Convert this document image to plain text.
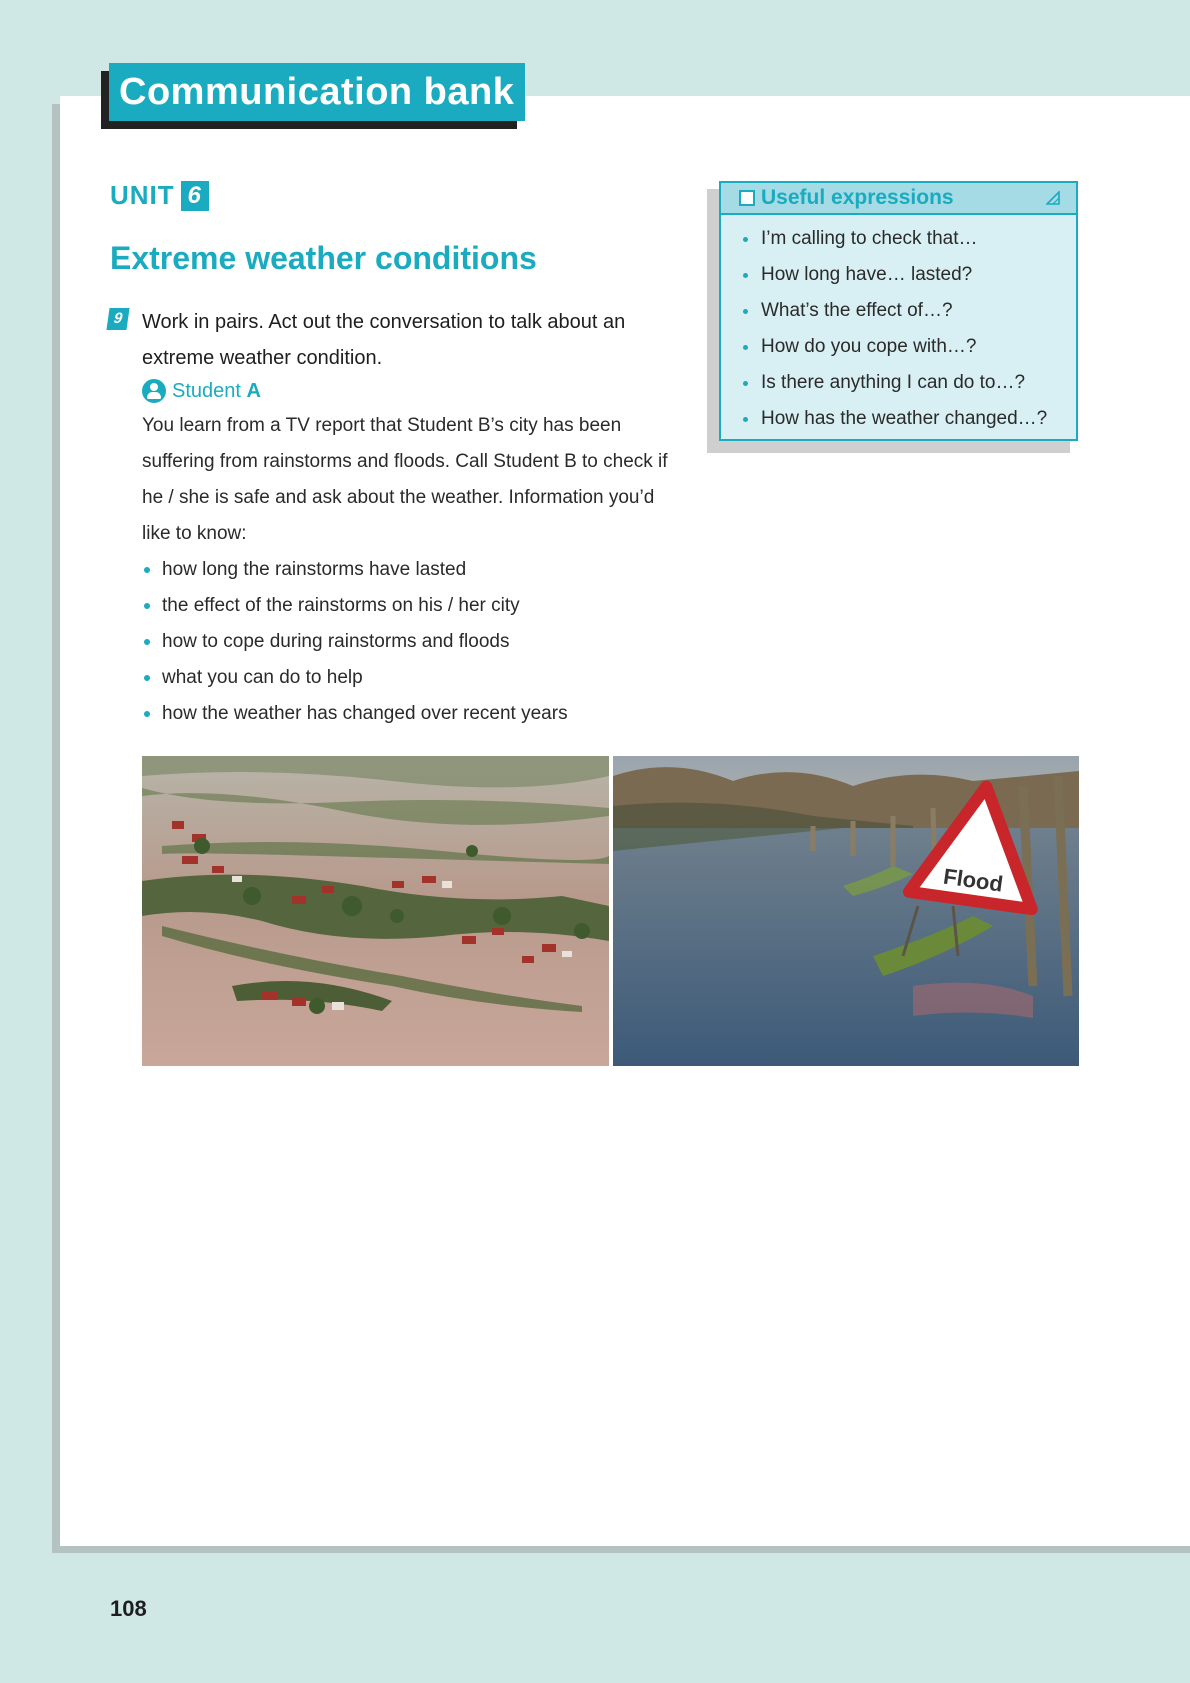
Communication bank
UNIT 6
Extreme weather conditions
9 Work in pairs. Act out the conversation to talk about an extreme weather condition.
Student A
You learn from a TV report that Student B’s city has been suffering from rainstorms and floods. Call Student B to check if he / she is safe and ask about the weather. Information you’d like to know:
how long the rainstorms have lasted
the effect of the rainstorms on his / her city
how to cope during rainstorms and floods
what you can do to help
how the weather has changed over recent years
Useful expressions
I’m calling to check that…
How long have… lasted?
What’s the effect of…?
How do you cope with…?
Is there anything I can do to…?
How has the weather changed…?
Flood
108
